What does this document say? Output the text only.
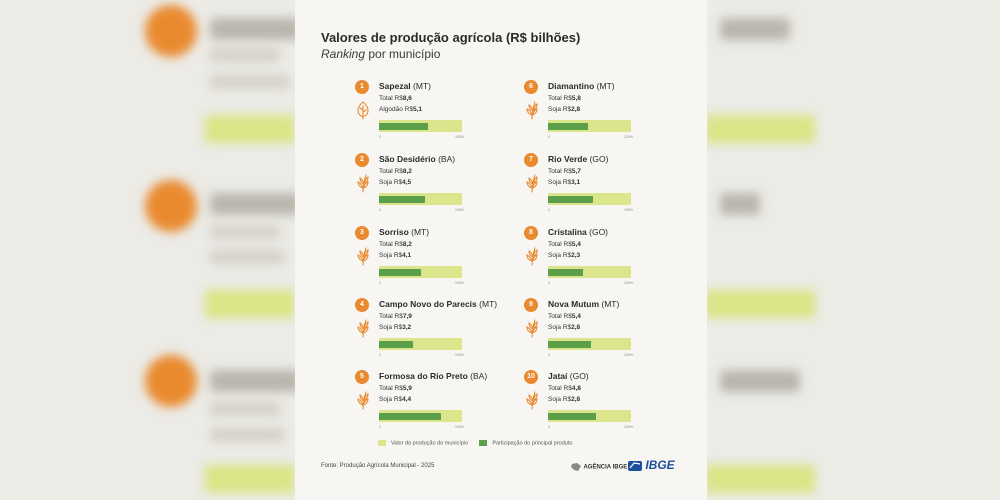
Valores de produção agrícola (R$ bilhões)
Ranking por município
1	Sapezal (MT)
Total R$8,6
Algodão R$5,1
0	100%
2	São Desidério (BA)
Total R$8,2
Soja R$4,5
0	100%
3	Sorriso (MT)
Total R$8,2
Soja R$4,1
0	100%
4	Campo Novo do Parecis (MT)
Total R$7,9
Soja R$3,2
0	100%
5	Formosa do Rio Preto (BA)
Total R$5,9
Soja R$4,4
0	100%
6	Diamantino (MT)
Total R$5,8
Soja R$2,8
0	100%
7	Rio Verde (GO)
Total R$5,7
Soja R$3,1
0	100%
8	Cristalina (GO)
Total R$5,4
Soja R$2,3
0	100%
9	Nova Mutum (MT)
Total R$5,4
Soja R$2,8
0	100%
10	Jataí (GO)
Total R$4,8
Soja R$2,8
0	100%
Valor da produção do município	Participação do principal produto
Fonte: Produção Agrícola Municipal - 2025	AGÊNCIA IBGE	IBGE
